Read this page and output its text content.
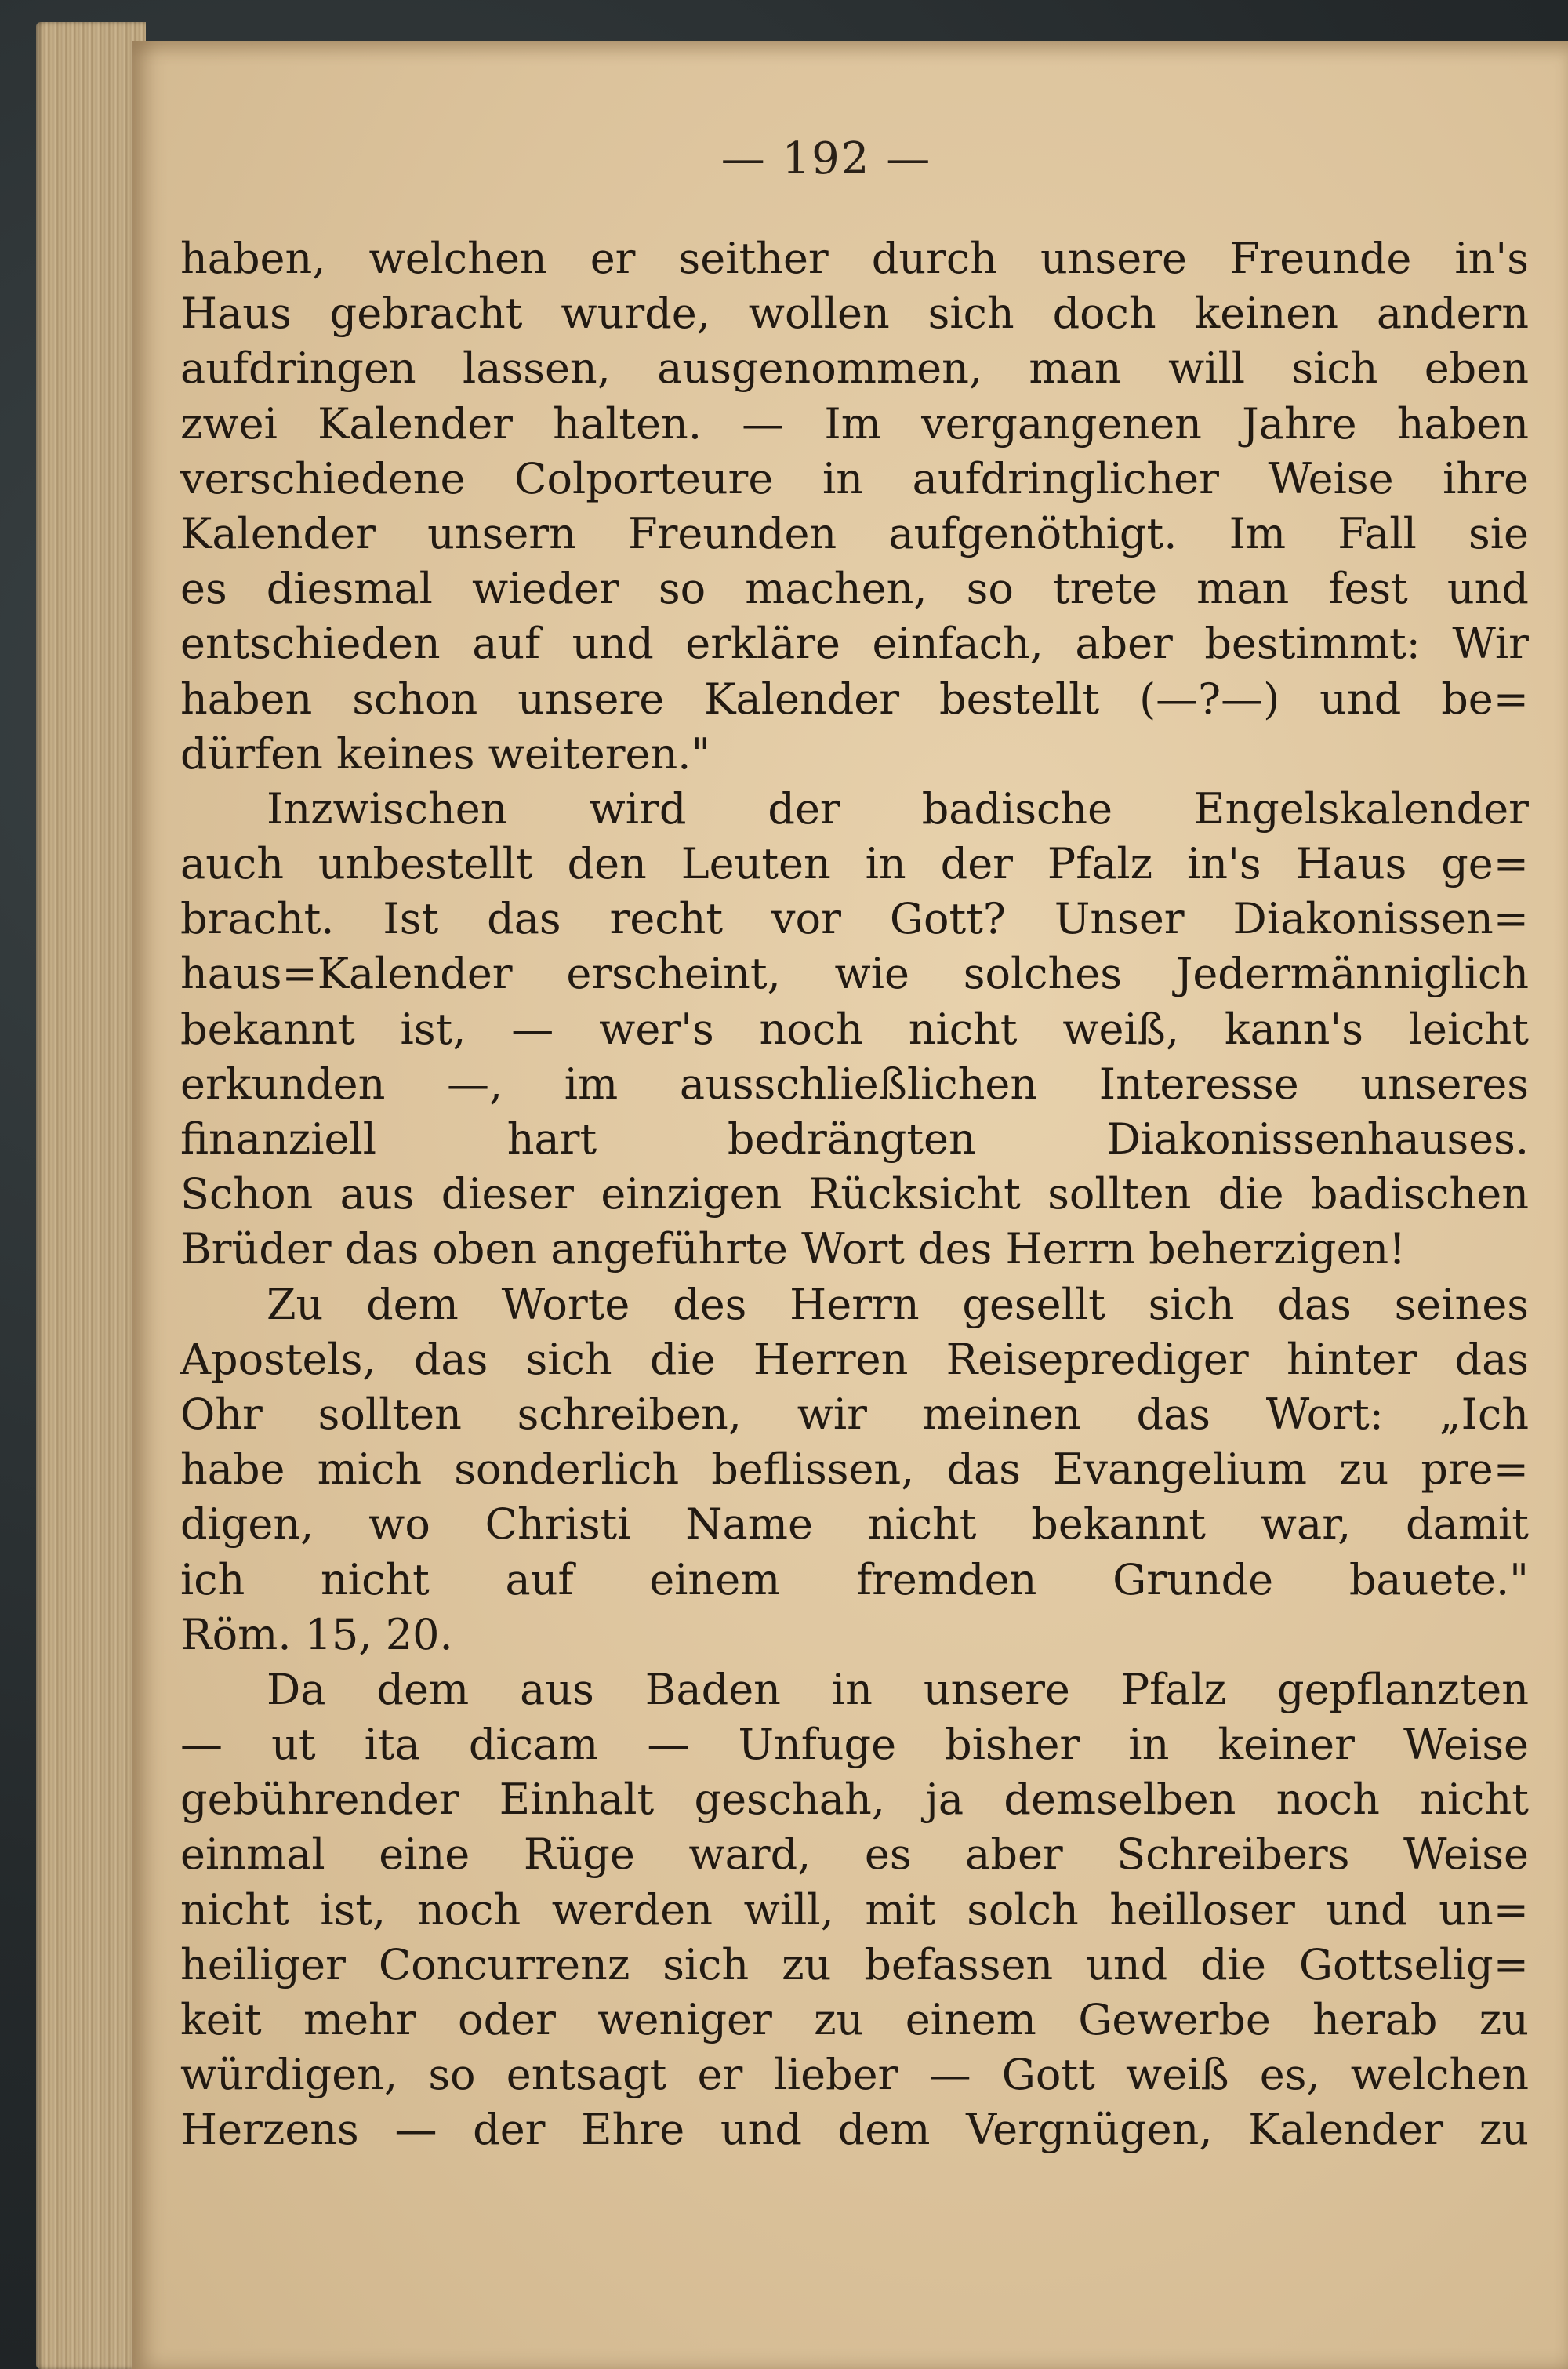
— 192 —
haben, welchen er seither durch unsere Freunde in's
Haus gebracht wurde, wollen sich doch keinen andern
aufdringen lassen, ausgenommen, man will sich eben
zwei Kalender halten. — Im vergangenen Jahre haben
verschiedene Colporteure in aufdringlicher Weise ihre
Kalender unsern Freunden aufgenöthigt. Im Fall sie
es diesmal wieder so machen, so trete man fest und
entschieden auf und erkläre einfach, aber bestimmt: Wir
haben schon unsere Kalender bestellt (—?—) und be=
dürfen keines weiteren."
Inzwischen wird der badische Engelskalender
auch unbestellt den Leuten in der Pfalz in's Haus ge=
bracht. Ist das recht vor Gott? Unser Diakonissen=
haus=Kalender erscheint, wie solches Jedermänniglich
bekannt ist, — wer's noch nicht weiß, kann's leicht
erkunden —, im ausschließlichen Interesse unseres
finanziell hart bedrängten Diakonissenhauses.
Schon aus dieser einzigen Rücksicht sollten die badischen
Brüder das oben angeführte Wort des Herrn beherzigen!
Zu dem Worte des Herrn gesellt sich das seines
Apostels, das sich die Herren Reiseprediger hinter das
Ohr sollten schreiben, wir meinen das Wort: „Ich
habe mich sonderlich beflissen, das Evangelium zu pre=
digen, wo Christi Name nicht bekannt war, damit
ich nicht auf einem fremden Grunde bauete."
Röm. 15, 20.
Da dem aus Baden in unsere Pfalz gepflanzten
— ut ita dicam — Unfuge bisher in keiner Weise
gebührender Einhalt geschah, ja demselben noch nicht
einmal eine Rüge ward, es aber Schreibers Weise
nicht ist, noch werden will, mit solch heilloser und un=
heiliger Concurrenz sich zu befassen und die Gottselig=
keit mehr oder weniger zu einem Gewerbe herab zu
würdigen, so entsagt er lieber — Gott weiß es, welchen
Herzens — der Ehre und dem Vergnügen, Kalender zu
